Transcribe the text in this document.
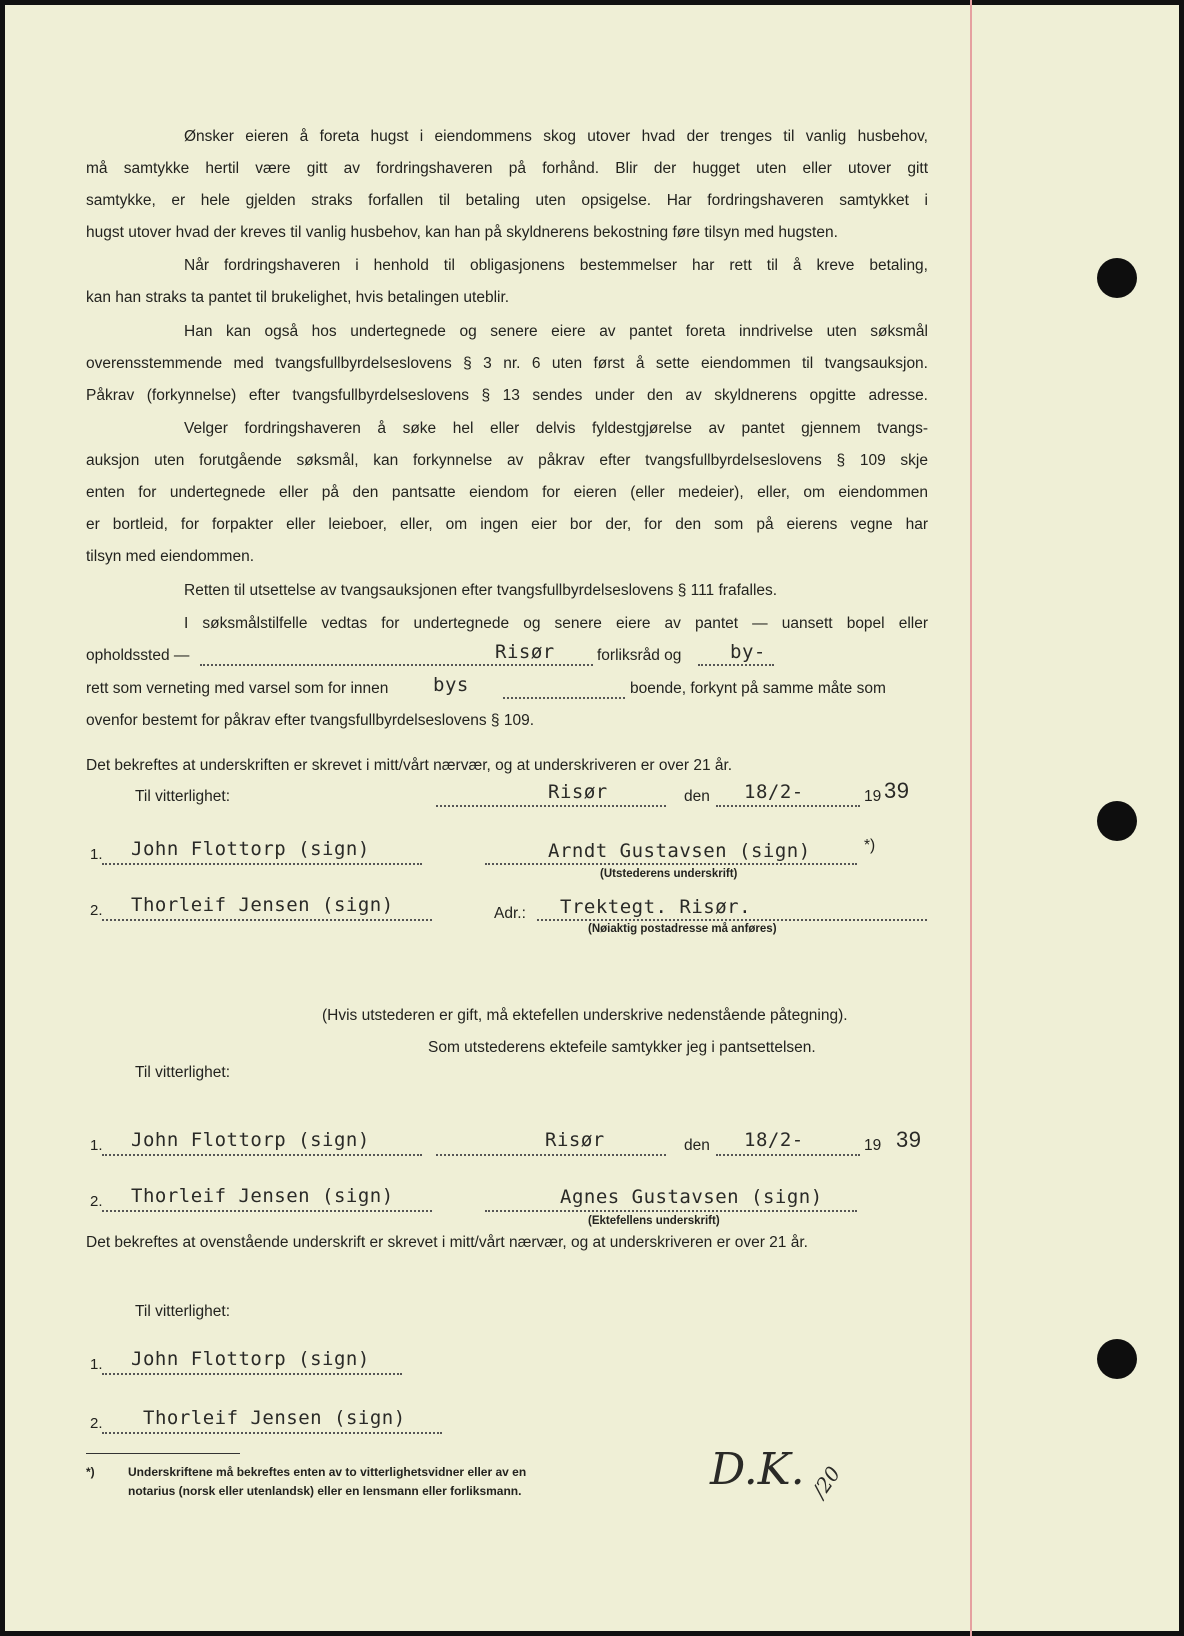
Ønsker eieren å foreta hugst i eiendommens skog utover hvad der trenges til vanlig husbehov,
må samtykke hertil være gitt av fordringshaveren på forhånd. Blir der hugget uten eller utover gitt
samtykke, er hele gjelden straks forfallen til betaling uten opsigelse. Har fordringshaveren samtykket i
hugst utover hvad der kreves til vanlig husbehov, kan han på skyldnerens bekostning føre tilsyn med hugsten.
Når fordringshaveren i henhold til obligasjonens bestemmelser har rett til å kreve betaling,
kan han straks ta pantet til brukelighet, hvis betalingen uteblir.
Han kan også hos undertegnede og senere eiere av pantet foreta inndrivelse uten søksmål
overensstemmende med tvangsfullbyrdelseslovens § 3 nr. 6 uten først å sette eiendommen til tvangsauksjon.
Påkrav (forkynnelse) efter tvangsfullbyrdelseslovens § 13 sendes under den av skyldnerens opgitte adresse.
Velger fordringshaveren å søke hel eller delvis fyldestgjørelse av pantet gjennem tvangs-
auksjon uten forutgående søksmål, kan forkynnelse av påkrav efter tvangsfullbyrdelseslovens § 109 skje
enten for undertegnede eller på den pantsatte eiendom for eieren (eller medeier), eller, om eiendommen
er bortleid, for forpakter eller leieboer, eller, om ingen eier bor der, for den som på eierens vegne har
tilsyn med eiendommen.
Retten til utsettelse av tvangsauksjonen efter tvangsfullbyrdelseslovens § 111 frafalles.
I søksmålstilfelle vedtas for undertegnede og senere eiere av pantet — uansett bopel eller
opholdssted —	Risør	forliksråd og	by-
rett som verneting med varsel som for innen bys	boende, forkynt på samme måte som
ovenfor bestemt for påkrav efter tvangsfullbyrdelseslovens § 109.
Det bekreftes at underskriften er skrevet i mitt/vårt nærvær, og at underskriveren er over 21 år.
Til vitterlighet:	Risør	den 18/2-	19 39
1. John Flottorp (sign)	Arndt Gustavsen (sign)	*)
(Utstederens underskrift)
2. Thorleif Jensen (sign)	Adr.: Trektegt. Risør.
(Nøiaktig postadresse må anføres)
(Hvis utstederen er gift, må ektefellen underskrive nedenstående påtegning).
Som utstederens ektefeile samtykker jeg i pantsettelsen.
Til vitterlighet:
1. John Flottorp (sign)	Risør	den 18/2-	19 39
2. Thorleif Jensen (sign)	Agnes Gustavsen (sign)
(Ektefellens underskrift)
Det bekreftes at ovenstående underskrift er skrevet i mitt/vårt nærvær, og at underskriveren er over 21 år.
Til vitterlighet:
1. John Flottorp (sign)
2. Thorleif Jensen (sign)
*)	Underskriftene må bekreftes enten av to vitterlighetsvidner eller av en
notarius (norsk eller utenlandsk) eller en lensmann eller forliksmann.	D.K. /20
